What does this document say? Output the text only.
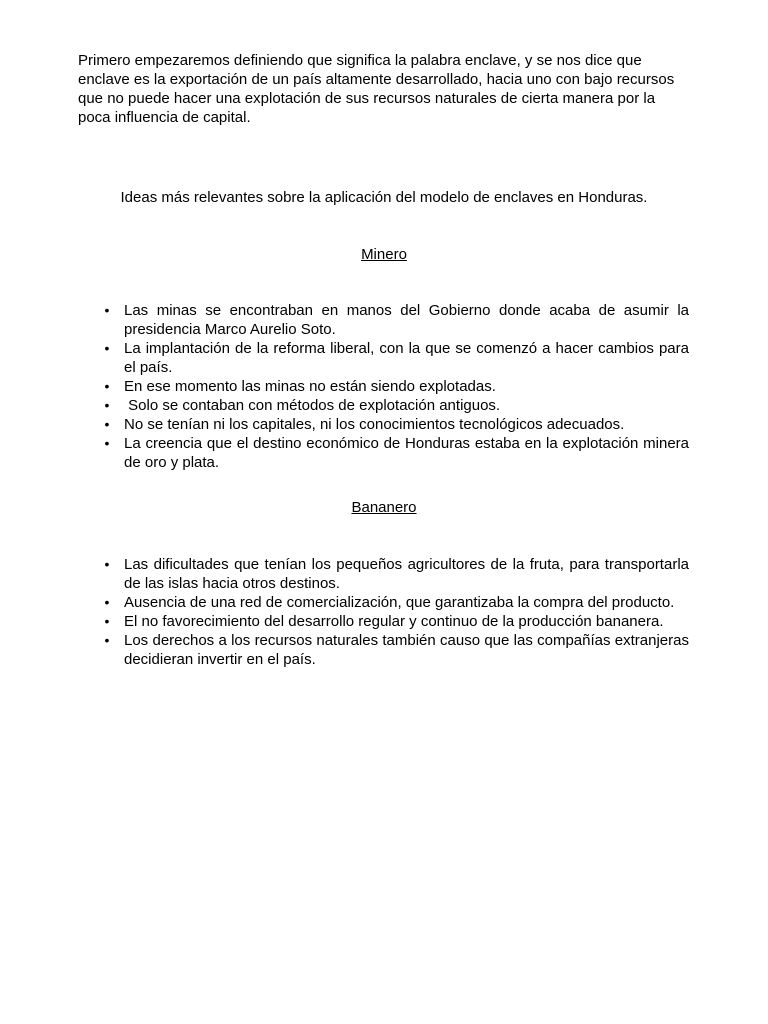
Primero empezaremos definiendo que significa la palabra enclave, y se nos dice que enclave es la exportación de un país altamente desarrollado, hacia uno con bajo recursos que no puede hacer una explotación de sus recursos naturales de cierta manera por la poca influencia de capital.

Ideas más relevantes sobre la aplicación del modelo de enclaves en Honduras.

Minero

• Las minas se encontraban en manos del Gobierno donde acaba de asumir la presidencia Marco Aurelio Soto.
• La implantación de la reforma liberal, con la que se comenzó a hacer cambios para el país.
• En ese momento las minas no están siendo explotadas.
• Solo se contaban con métodos de explotación antiguos.
• No se tenían ni los capitales, ni los conocimientos tecnológicos adecuados.
• La creencia que el destino económico de Honduras estaba en la explotación minera de oro y plata.

Bananero

• Las dificultades que tenían los pequeños agricultores de la fruta, para transportarla de las islas hacia otros destinos.
• Ausencia de una red de comercialización, que garantizaba la compra del producto.
• El no favorecimiento del desarrollo regular y continuo de la producción bananera.
• Los derechos a los recursos naturales también causo que las compañías extranjeras decidieran invertir en el país.
